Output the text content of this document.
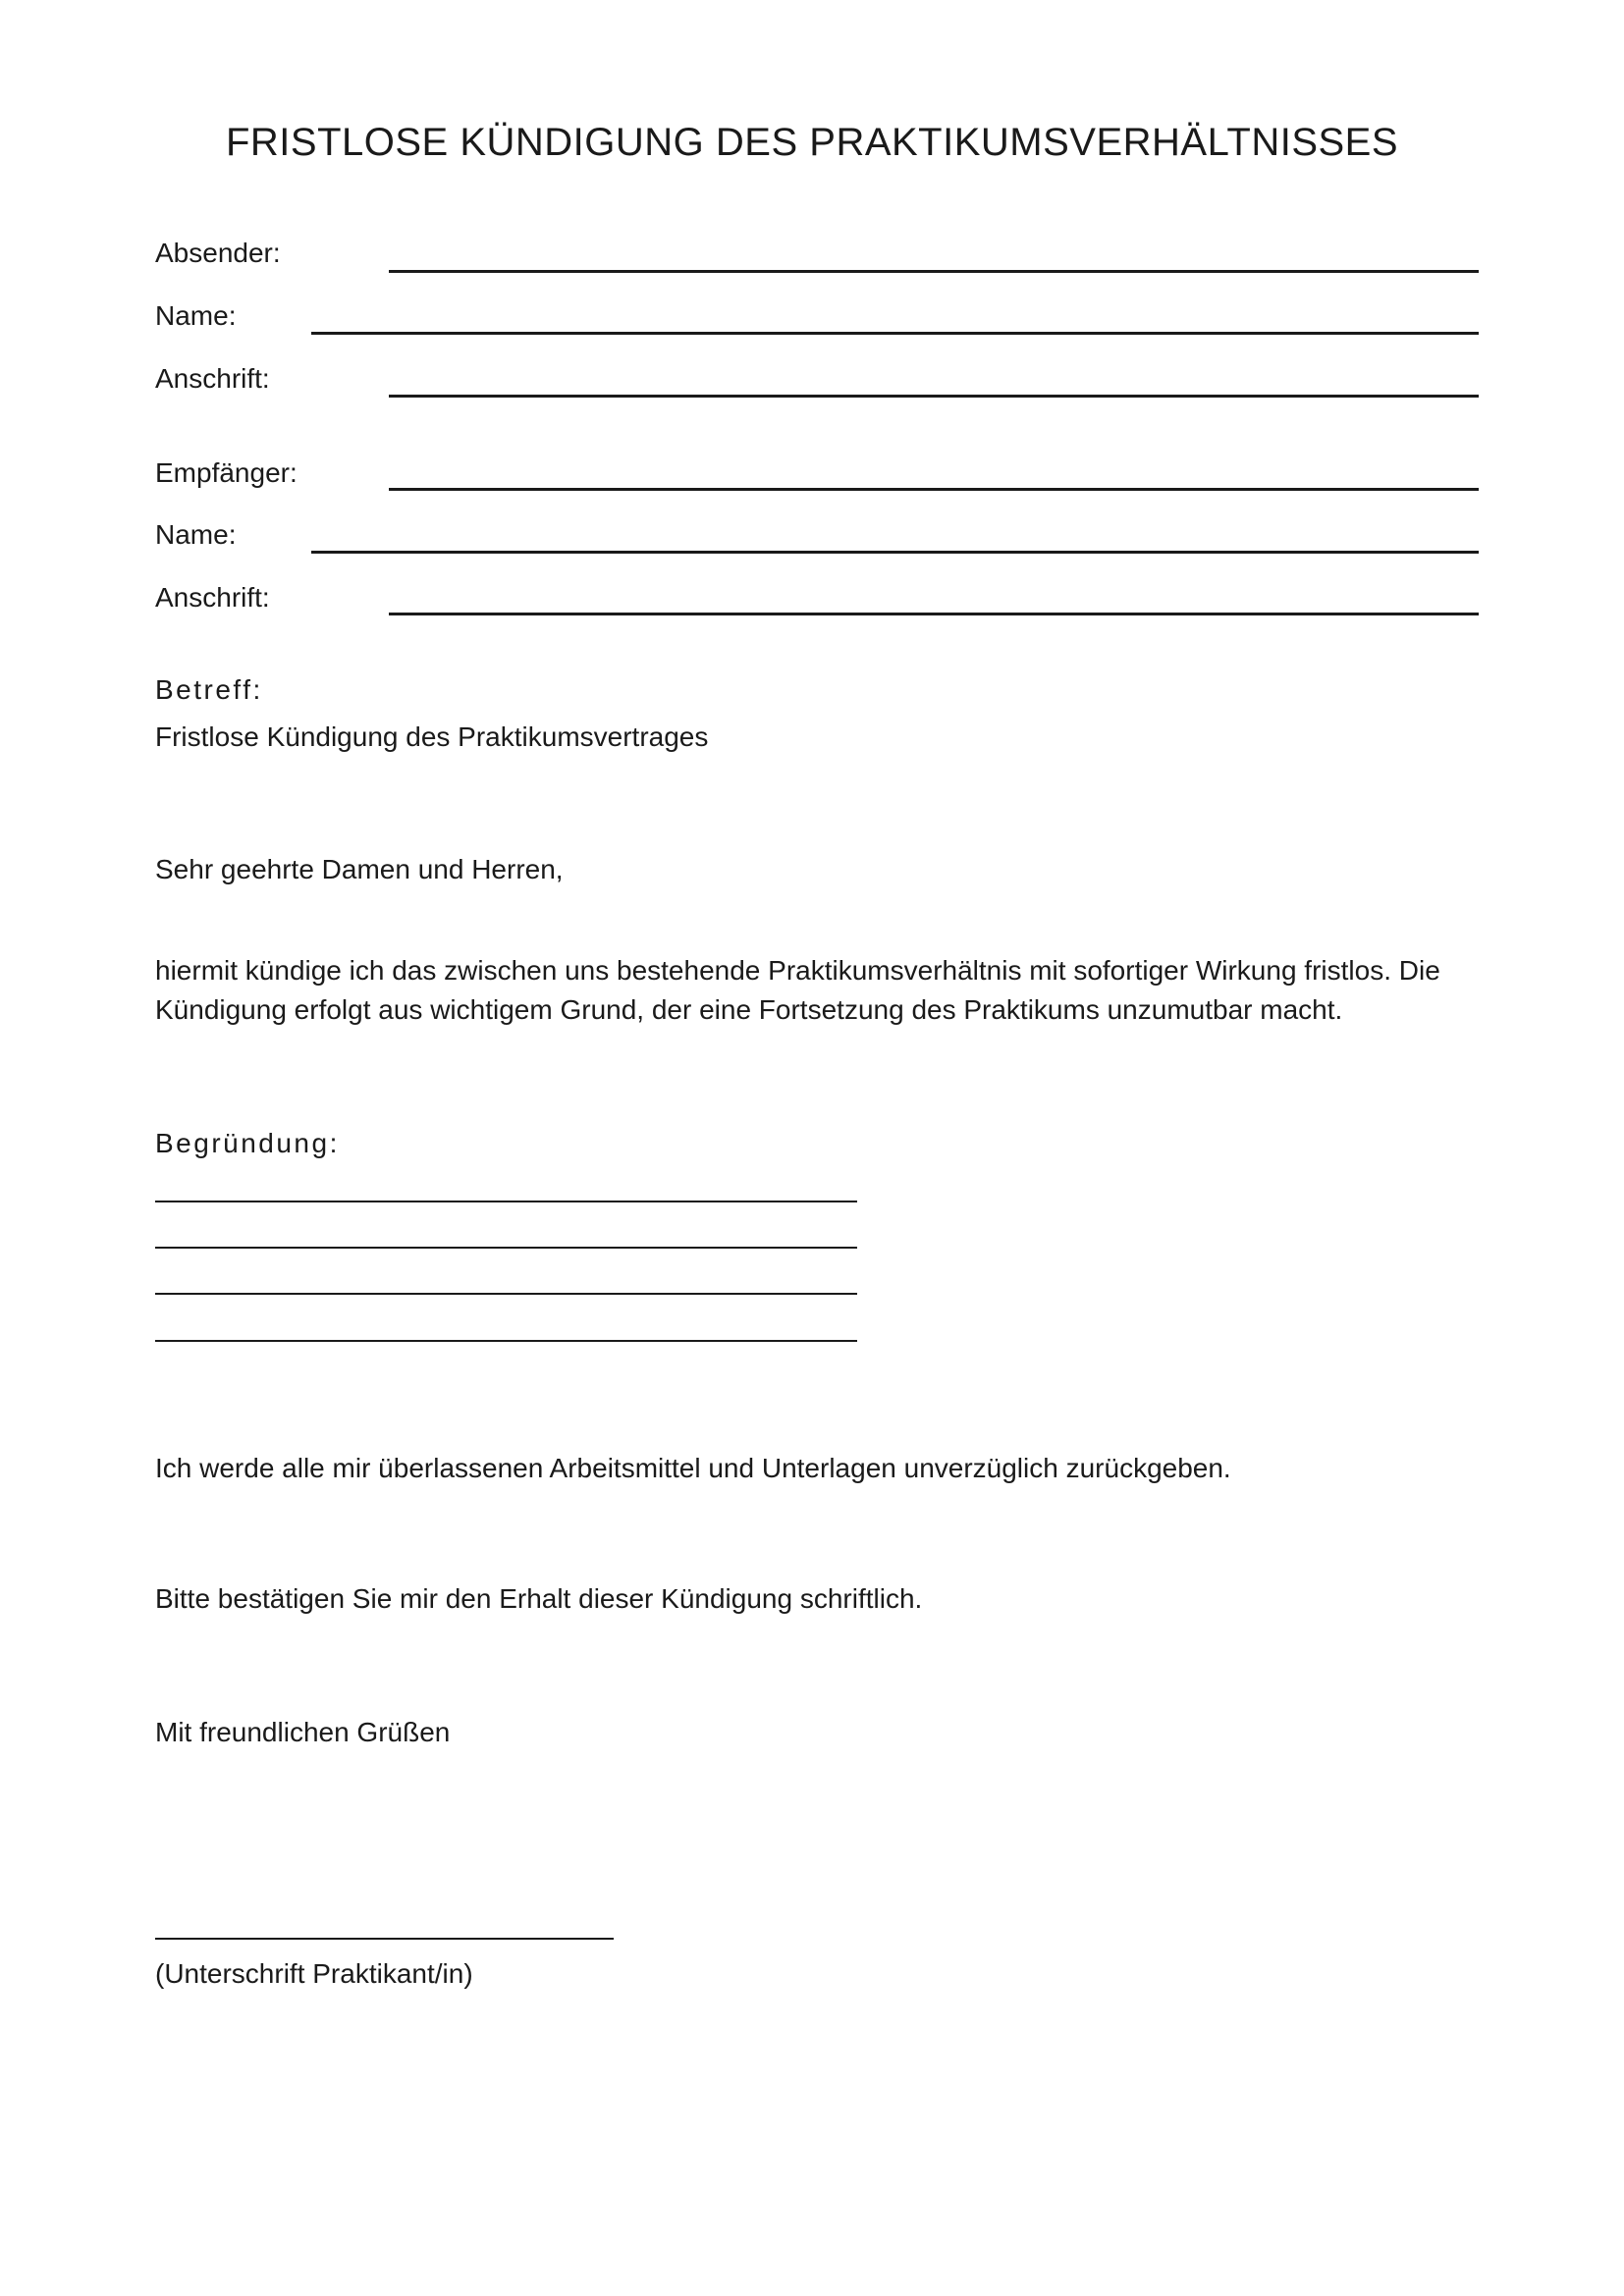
FRISTLOSE KÜNDIGUNG DES PRAKTIKUMSVERHÄLTNISSES
Absender:
Name:
Anschrift:
Empfänger:
Name:
Anschrift:
Betreff:
Fristlose Kündigung des Praktikumsvertrages
Sehr geehrte Damen und Herren,
hiermit kündige ich das zwischen uns bestehende Praktikumsverhältnis mit sofortiger Wirkung fristlos. Die Kündigung erfolgt aus wichtigem Grund, der eine Fortsetzung des Praktikums unzumutbar macht.
Begründung:
Ich werde alle mir überlassenen Arbeitsmittel und Unterlagen unverzüglich zurückgeben.
Bitte bestätigen Sie mir den Erhalt dieser Kündigung schriftlich.
Mit freundlichen Grüßen
(Unterschrift Praktikant/in)
